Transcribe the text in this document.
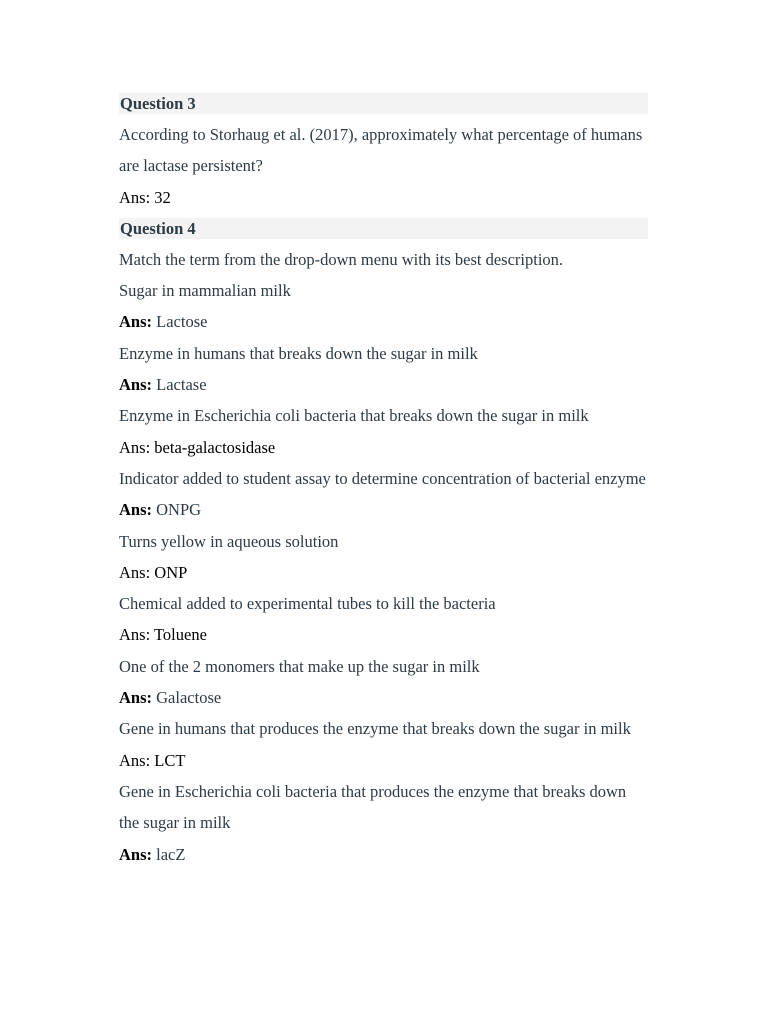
Question 3

According to Storhaug et al. (2017), approximately what percentage of humans are lactase persistent?

Ans: 32

Question 4

Match the term from the drop-down menu with its best description.

Sugar in mammalian milk

Ans: Lactose

Enzyme in humans that breaks down the sugar in milk

Ans: Lactase

Enzyme in Escherichia coli bacteria that breaks down the sugar in milk

Ans: beta-galactosidase

Indicator added to student assay to determine concentration of bacterial enzyme

Ans: ONPG

Turns yellow in aqueous solution

Ans: ONP

Chemical added to experimental tubes to kill the bacteria

Ans: Toluene

One of the 2 monomers that make up the sugar in milk

Ans: Galactose

Gene in humans that produces the enzyme that breaks down the sugar in milk

Ans: LCT

Gene in Escherichia coli bacteria that produces the enzyme that breaks down the sugar in milk

Ans: lacZ
